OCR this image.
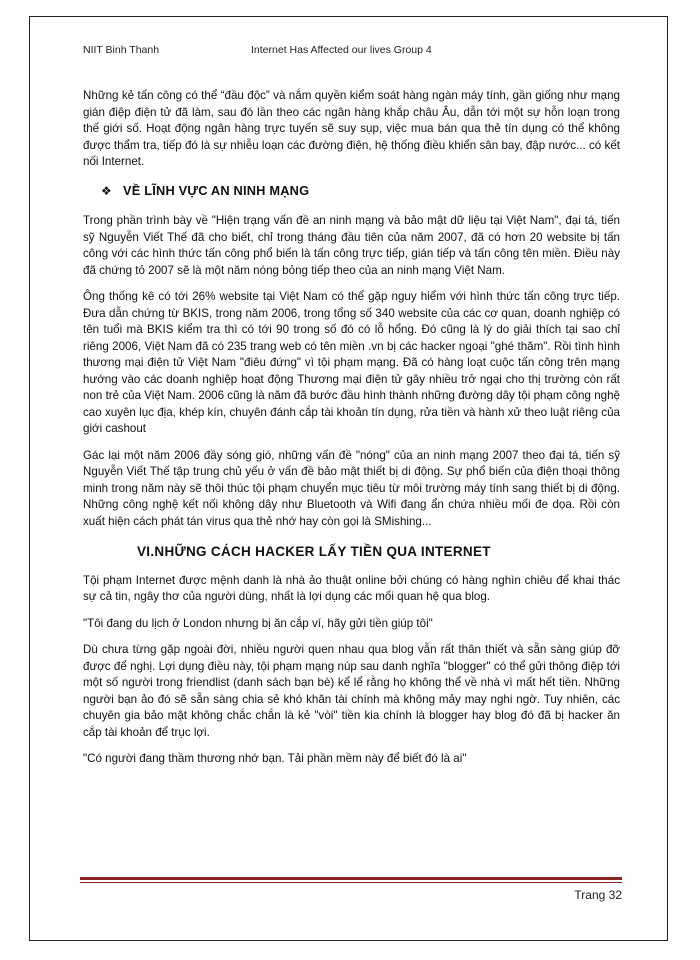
NIIT Binh Thanh	Internet Has Affected our lives Group 4

Những kẻ tấn công có thể “đầu độc” và nắm quyền kiểm soát hàng ngàn máy tính, gần giống như mạng gián điệp điện tử đã làm, sau đó lần theo các ngân hàng khắp châu Âu, dẫn tới một sự hỗn loạn trong thế giới số. Hoạt động ngân hàng trực tuyến sẽ suy sụp, việc mua bán qua thẻ tín dụng có thể không được thẩm tra, tiếp đó là sự nhiễu loạn các đường điện, hệ thống điều khiển sân bay, đập nước... có kết nối Internet.

❖ VỀ LĨNH VỰC AN NINH MẠNG

Trong phần trình bày về "Hiện trạng vấn đề an ninh mạng và bảo mật dữ liệu tại Việt Nam", đại tá, tiến sỹ Nguyễn Viết Thế đã cho biết, chỉ trong tháng đầu tiên của năm 2007, đã có hơn 20 website bị tấn công với các hình thức tấn công phổ biến là tấn công trực tiếp, gián tiếp và tấn công tên miền. Điều này đã chứng tỏ 2007 sẽ là một năm nóng bỏng tiếp theo của an ninh mạng Việt Nam.

Ông thống kê có tới 26% website tại Việt Nam có thể gặp nguy hiểm với hình thức tấn công trực tiếp. Đưa dẫn chứng từ BKIS, trong năm 2006, trong tổng số 340 website của các cơ quan, doanh nghiệp có tên tuổi mà BKIS kiểm tra thì có tới 90 trong số đó có lỗ hổng. Đó cũng là lý do giải thích tại sao chỉ riêng 2006, Việt Nam đã có 235 trang web có tên miền .vn bị các hacker ngoại "ghé thăm". Rồi tình hình thương mại điện tử Việt Nam "điêu đứng" vì tội phạm mạng. Đã có hàng loạt cuộc tấn công trên mạng hướng vào các doanh nghiệp hoạt động Thương mại điện tử gây nhiều trở ngại cho thị trường còn rất non trẻ của Việt Nam. 2006 cũng là năm đã bước đầu hình thành những đường dây tội phạm công nghệ cao xuyên lục địa, khép kín, chuyên đánh cắp tài khoản tín dụng, rửa tiền và hành xử theo luật riêng của giới cashout

Gác lại một năm 2006 đầy sóng gió, những vấn đề "nóng" của an ninh mạng 2007 theo đại tá, tiến sỹ Nguyễn Viết Thế tập trung chủ yếu ở vấn đề bảo mật thiết bị di động. Sự phổ biến của điện thoại thông minh trong năm này sẽ thôi thúc tội phạm chuyển mục tiêu từ môi trường máy tính sang thiết bị di động. Những công nghệ kết nối không dây như Bluetooth và Wifi đang ẩn chứa nhiều mối đe dọa. Rồi còn xuất hiện cách phát tán virus qua thẻ nhớ hay còn gọi là SMishing...

VI.NHỮNG CÁCH HACKER LẤY TIỀN QUA INTERNET

Tội phạm Internet được mệnh danh là nhà ảo thuật online bởi chúng có hàng nghìn chiêu để khai thác sự cả tin, ngây thơ của người dùng, nhất là lợi dụng các mối quan hệ qua blog.

"Tôi đang du lịch ở London nhưng bị ăn cắp ví, hãy gửi tiền giúp tôi"

Dù chưa từng gặp ngoài đời, nhiều người quen nhau qua blog vẫn rất thân thiết và sẵn sàng giúp đỡ được để nghị. Lợi dụng điều này, tội phạm mạng núp sau danh nghĩa "blogger" có thể gửi thông điệp tới một số người trong friendlist (danh sách bạn bè) kể lể rằng họ không thể về nhà vì mất hết tiền. Những người bạn ảo đó sẽ sẵn sàng chia sẻ khó khăn tài chính mà không mảy may nghi ngờ. Tuy nhiên, các chuyên gia bảo mật không chắc chắn là kẻ "vòi" tiền kia chính là blogger hay blog đó đã bị hacker ăn cắp tài khoản để trục lợi.

"Có người đang thầm thương nhớ bạn. Tải phần mềm này để biết đó là ai"

Trang 32
